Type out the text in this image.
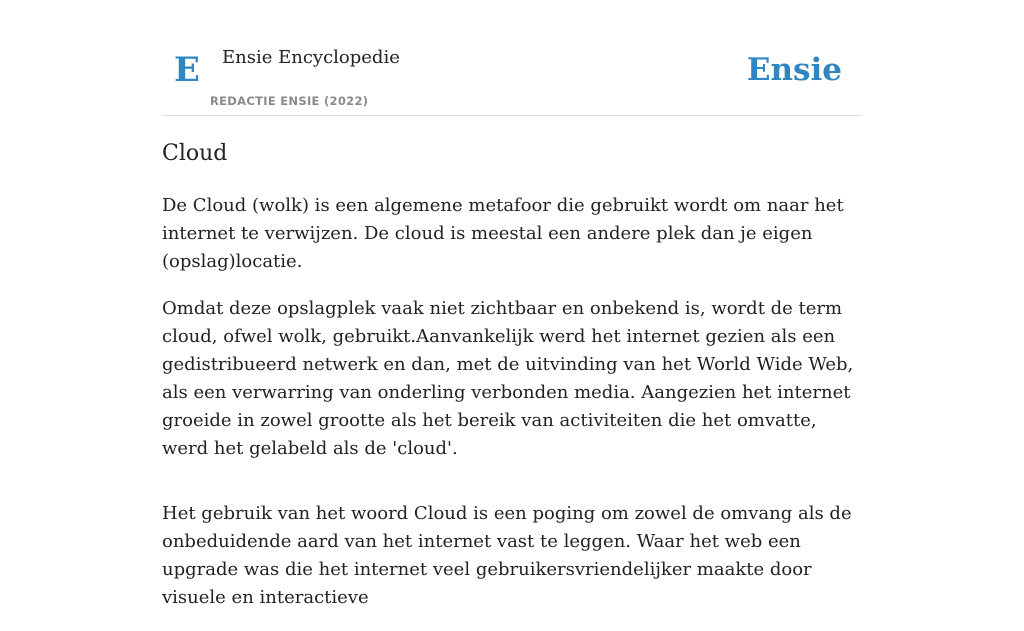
E Ensie Encyclopedie
REDACTIE ENSIE (2022)
Ensie
Cloud

De Cloud (wolk) is een algemene metafoor die gebruikt wordt om naar het internet te verwijzen. De cloud is meestal een andere plek dan je eigen (opslag)locatie.

Omdat deze opslagplek vaak niet zichtbaar en onbekend is, wordt de term cloud, ofwel wolk, gebruikt.Aanvankelijk werd het internet gezien als een gedistribueerd netwerk en dan, met de uitvinding van het World Wide Web, als een verwarring van onderling verbonden media. Aangezien het internet groeide in zowel grootte als het bereik van activiteiten die het omvatte, werd het gelabeld als de 'cloud'.

Het gebruik van het woord Cloud is een poging om zowel de omvang als de onbeduidende aard van het internet vast te leggen. Waar het web een upgrade was die het internet veel gebruikersvriendelijker maakte door visuele en interactieve
